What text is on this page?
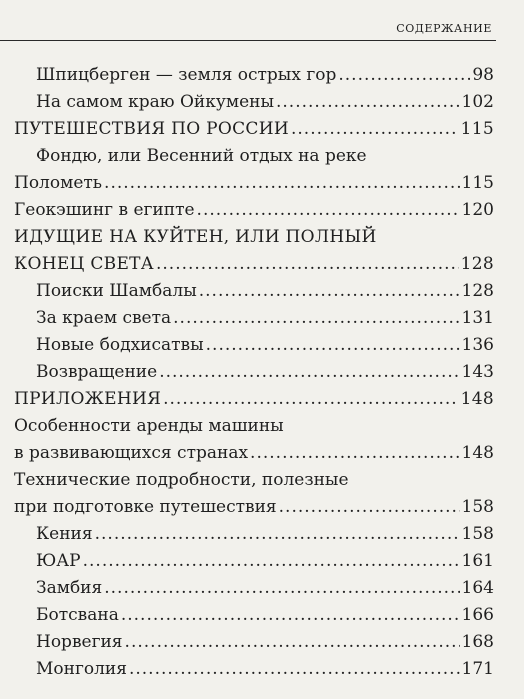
СОДЕРЖАНИЕ
Шпицберген — земля острых гор .....	98
На самом краю Ойкумены .....	102
ПУТЕШЕСТВИЯ ПО РОССИИ .....	115
Фондю, или Весенний отдых на реке
Пoлометь .....	115
Геокэшинг в египте .....	120
ИДУЩИЕ НА КУЙТЕН, ИЛИ ПОЛНЫЙ
КОНЕЦ СВЕТА .....	128
Поиски Шамбалы .....	128
За краем света .....	131
Новые бодхисатвы .....	136
Возвращение .....	143
ПРИЛОЖЕНИЯ .....	148
Особенности аренды машины
в развивающихся странах .....	148
Технические подробности, полезные
при подготовке путешествия .....	158
Кения .....	158
ЮАР .....	161
Замбия .....	164
Ботсвана .....	166
Норвегия .....	168
Монголия .....	171
